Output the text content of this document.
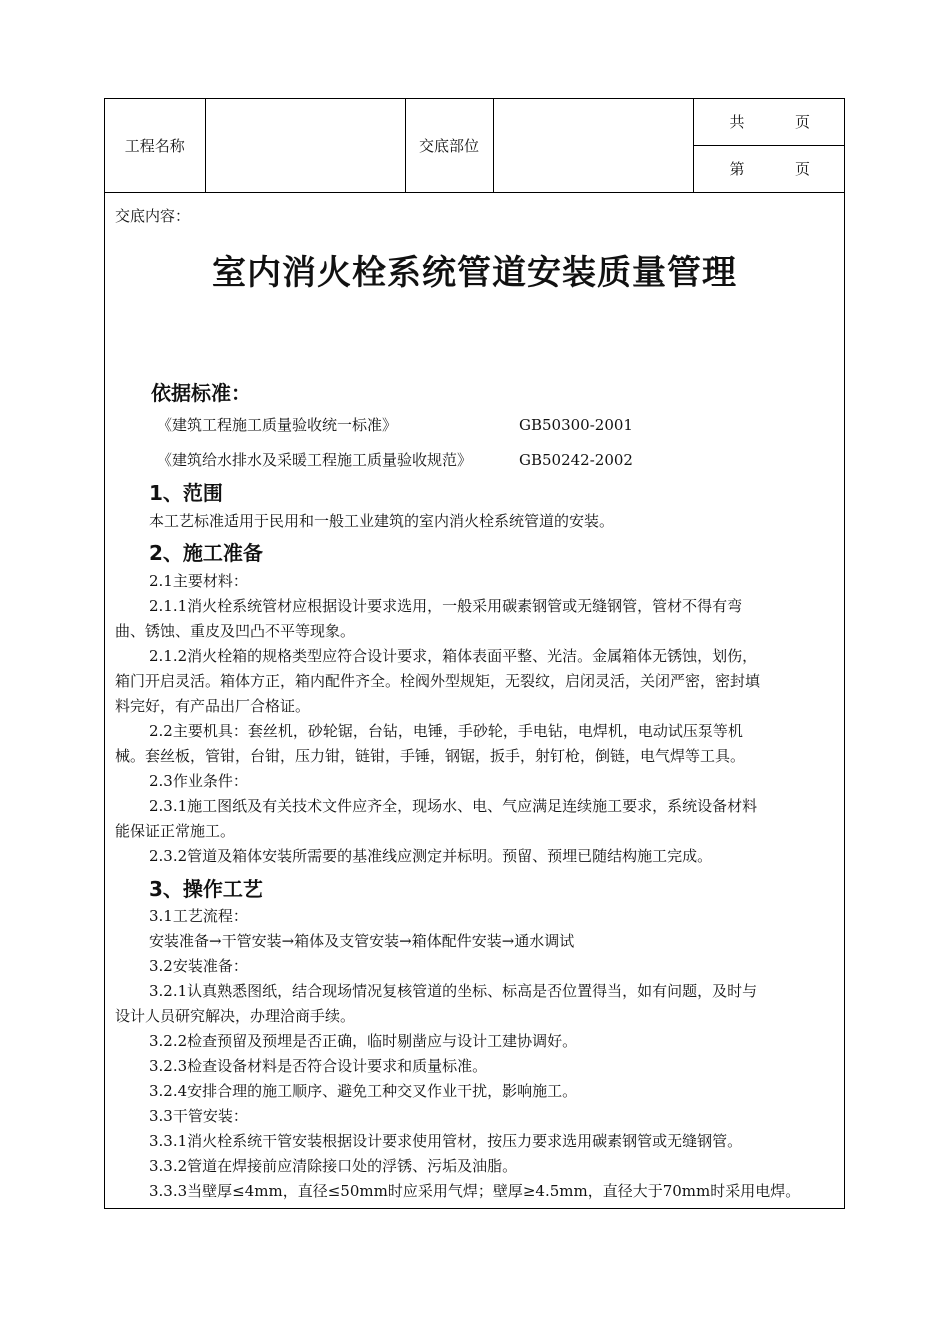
工程名称		交底部位		
共	页

第	页
交底内容：
室内消火栓系统管道安装质量管理
依据标准：
《建筑工程施工质量验收统一标准》	GB50300-2001
《建筑给水排水及采暖工程施工质量验收规范》	GB50242-2002
1、范围
本工艺标准适用于民用和一般工业建筑的室内消火栓系统管道的安装。
2、施工准备
2.1主要材料：
2.1.1消火栓系统管材应根据设计要求选用，一般采用碳素钢管或无缝钢管，管材不得有弯
曲、锈蚀、重皮及凹凸不平等现象。
2.1.2消火栓箱的规格类型应符合设计要求，箱体表面平整、光洁。金属箱体无锈蚀，划伤，
箱门开启灵活。箱体方正，箱内配件齐全。栓阀外型规矩，无裂纹，启闭灵活，关闭严密，密封填
料完好，有产品出厂合格证。
2.2主要机具：套丝机，砂轮锯，台钻，电锤，手砂轮，手电钻，电焊机，电动试压泵等机
械。套丝板，管钳，台钳，压力钳，链钳，手锤，钢锯，扳手，射钉枪，倒链，电气焊等工具。
2.3作业条件：
2.3.1施工图纸及有关技术文件应齐全，现场水、电、气应满足连续施工要求，系统设备材料
能保证正常施工。
2.3.2管道及箱体安装所需要的基准线应测定并标明。预留、预埋已随结构施工完成。
3、操作工艺
3.1工艺流程：
安装准备→干管安装→箱体及支管安装→箱体配件安装→通水调试
3.2安装准备：
3.2.1认真熟悉图纸，结合现场情况复核管道的坐标、标高是否位置得当，如有问题，及时与
设计人员研究解决，办理洽商手续。
3.2.2检查预留及预埋是否正确，临时剔凿应与设计工建协调好。
3.2.3检查设备材料是否符合设计要求和质量标准。
3.2.4安排合理的施工顺序、避免工种交叉作业干扰，影响施工。
3.3干管安装：
3.3.1消火栓系统干管安装根据设计要求使用管材，按压力要求选用碳素钢管或无缝钢管。
3.3.2管道在焊接前应清除接口处的浮锈、污垢及油脂。
3.3.3当壁厚≤4mm，直径≤50mm时应采用气焊；壁厚≥4.5mm，直径大于70mm时采用电焊。
